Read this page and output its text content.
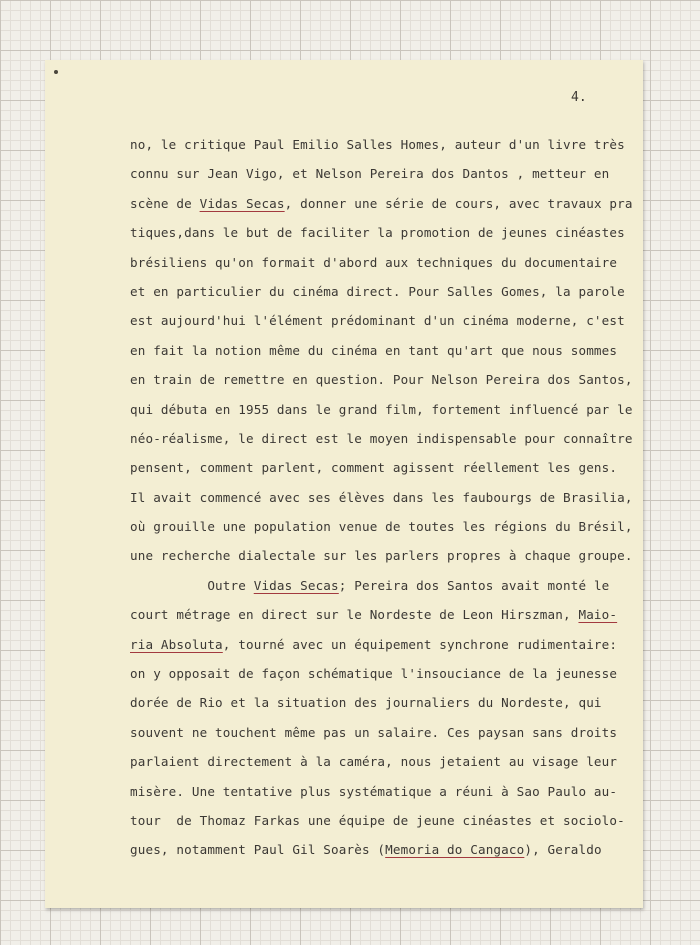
4.
no, le critique Paul Emilio Salles Homes, auteur d'un livre très
connu sur Jean Vigo, et Nelson Pereira dos Dantos , metteur en
scène de Vidas Secas, donner une série de cours, avec travaux pra
tiques,dans le but de faciliter la promotion de jeunes cinéastes
brésiliens qu'on formait d'abord aux techniques du documentaire
et en particulier du cinéma direct. Pour Salles Gomes, la parole
est aujourd'hui l'élément prédominant d'un cinéma moderne, c'est
en fait la notion même du cinéma en tant qu'art que nous sommes
en train de remettre en question. Pour Nelson Pereira dos Santos,
qui débuta en 1955 dans le grand film, fortement influencé par le
néo-réalisme, le direct est le moyen indispensable pour connaître
pensent, comment parlent, comment agissent réellement les gens.
Il avait commencé avec ses élèves dans les faubourgs de Brasilia,
où grouille une population venue de toutes les régions du Brésil,
une recherche dialectale sur les parlers propres à chaque groupe.
Outre Vidas Secas; Pereira dos Santos avait monté le
court métrage en direct sur le Nordeste de Leon Hirszman, Maio-
ria Absoluta, tourné avec un équipement synchrone rudimentaire:
on y opposait de façon schématique l'insouciance de la jeunesse
dorée de Rio et la situation des journaliers du Nordeste, qui
souvent ne touchent même pas un salaire. Ces paysan sans droits
parlaient directement à la caméra, nous jetaient au visage leur
misère. Une tentative plus systématique a réuni à Sao Paulo au-
tour  de Thomaz Farkas une équipe de jeune cinéastes et sociolo-
gues, notamment Paul Gil Soarès (Memoria do Cangaco), Geraldo
